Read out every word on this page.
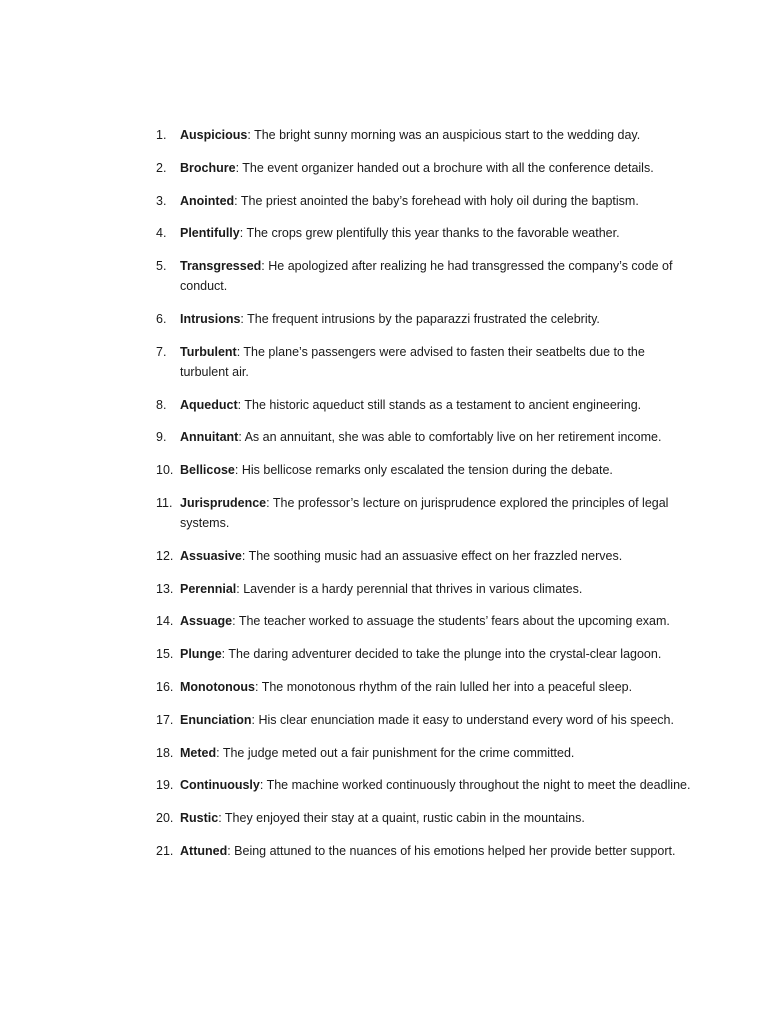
1.	Auspicious: The bright sunny morning was an auspicious start to the wedding day.
2.	Brochure: The event organizer handed out a brochure with all the conference details.
3.	Anointed: The priest anointed the baby’s forehead with holy oil during the baptism.
4.	Plentifully: The crops grew plentifully this year thanks to the favorable weather.
5.	Transgressed: He apologized after realizing he had transgressed the company’s code of conduct.
6.	Intrusions: The frequent intrusions by the paparazzi frustrated the celebrity.
7.	Turbulent: The plane’s passengers were advised to fasten their seatbelts due to the turbulent air.
8.	Aqueduct: The historic aqueduct still stands as a testament to ancient engineering.
9.	Annuitant: As an annuitant, she was able to comfortably live on her retirement income.
10. Bellicose: His bellicose remarks only escalated the tension during the debate.
11. Jurisprudence: The professor’s lecture on jurisprudence explored the principles of legal systems.
12. Assuasive: The soothing music had an assuasive effect on her frazzled nerves.
13. Perennial: Lavender is a hardy perennial that thrives in various climates.
14. Assuage: The teacher worked to assuage the students’ fears about the upcoming exam.
15. Plunge: The daring adventurer decided to take the plunge into the crystal-clear lagoon.
16. Monotonous: The monotonous rhythm of the rain lulled her into a peaceful sleep.
17. Enunciation: His clear enunciation made it easy to understand every word of his speech.
18. Meted: The judge meted out a fair punishment for the crime committed.
19. Continuously: The machine worked continuously throughout the night to meet the deadline.
20. Rustic: They enjoyed their stay at a quaint, rustic cabin in the mountains.
21. Attuned: Being attuned to the nuances of his emotions helped her provide better support.
